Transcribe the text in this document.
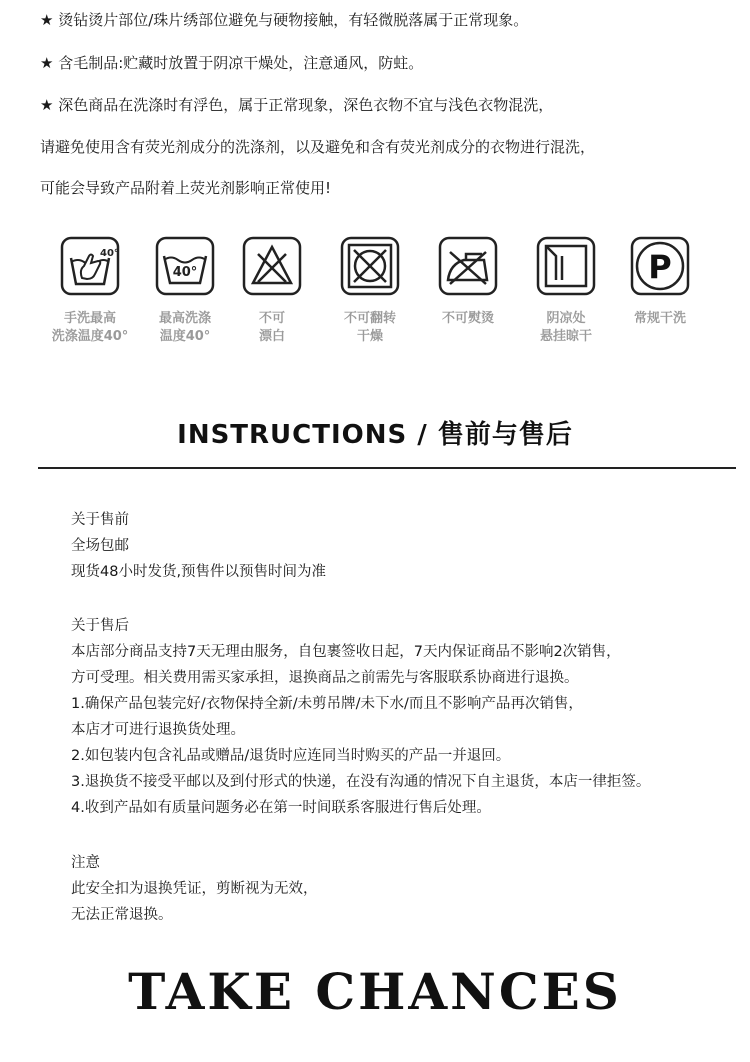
★ 烫钻烫片部位/珠片绣部位避免与硬物接触，有轻微脱落属于正常现象。
★ 含毛制品:贮藏时放置于阴凉干燥处，注意通风，防蛀。
★ 深色商品在洗涤时有浮色，属于正常现象，深色衣物不宜与浅色衣物混洗，
请避免使用含有荧光剂成分的洗涤剂，以及避免和含有荧光剂成分的衣物进行混洗，
可能会导致产品附着上荧光剂影响正常使用!
40°
手洗最高
洗涤温度40°
40°
最高洗涤
温度40°
不可
漂白
不可翻转
干燥
不可熨烫	阴凉处
悬挂晾干
P
常规干洗
INSTRUCTIONS / 售前与售后

关于售前

全场包邮

现货48小时发货,预售件以预售时间为准

关于售后

本店部分商品支持7天无理由服务，自包裹签收日起，7天内保证商品不影响2次销售，

方可受理。相关费用需买家承担，退换商品之前需先与客服联系协商进行退换。

1.确保产品包装完好/衣物保持全新/未剪吊牌/未下水/而且不影响产品再次销售，

本店才可进行退换货处理。

2.如包装内包含礼品或赠品/退货时应连同当时购买的产品一并退回。

3.退换货不接受平邮以及到付形式的快递，在没有沟通的情况下自主退货，本店一律拒签。

4.收到产品如有质量问题务必在第一时间联系客服进行售后处理。

注意

此安全扣为退换凭证，剪断视为无效，

无法正常退换。

TAKE CHANCES
